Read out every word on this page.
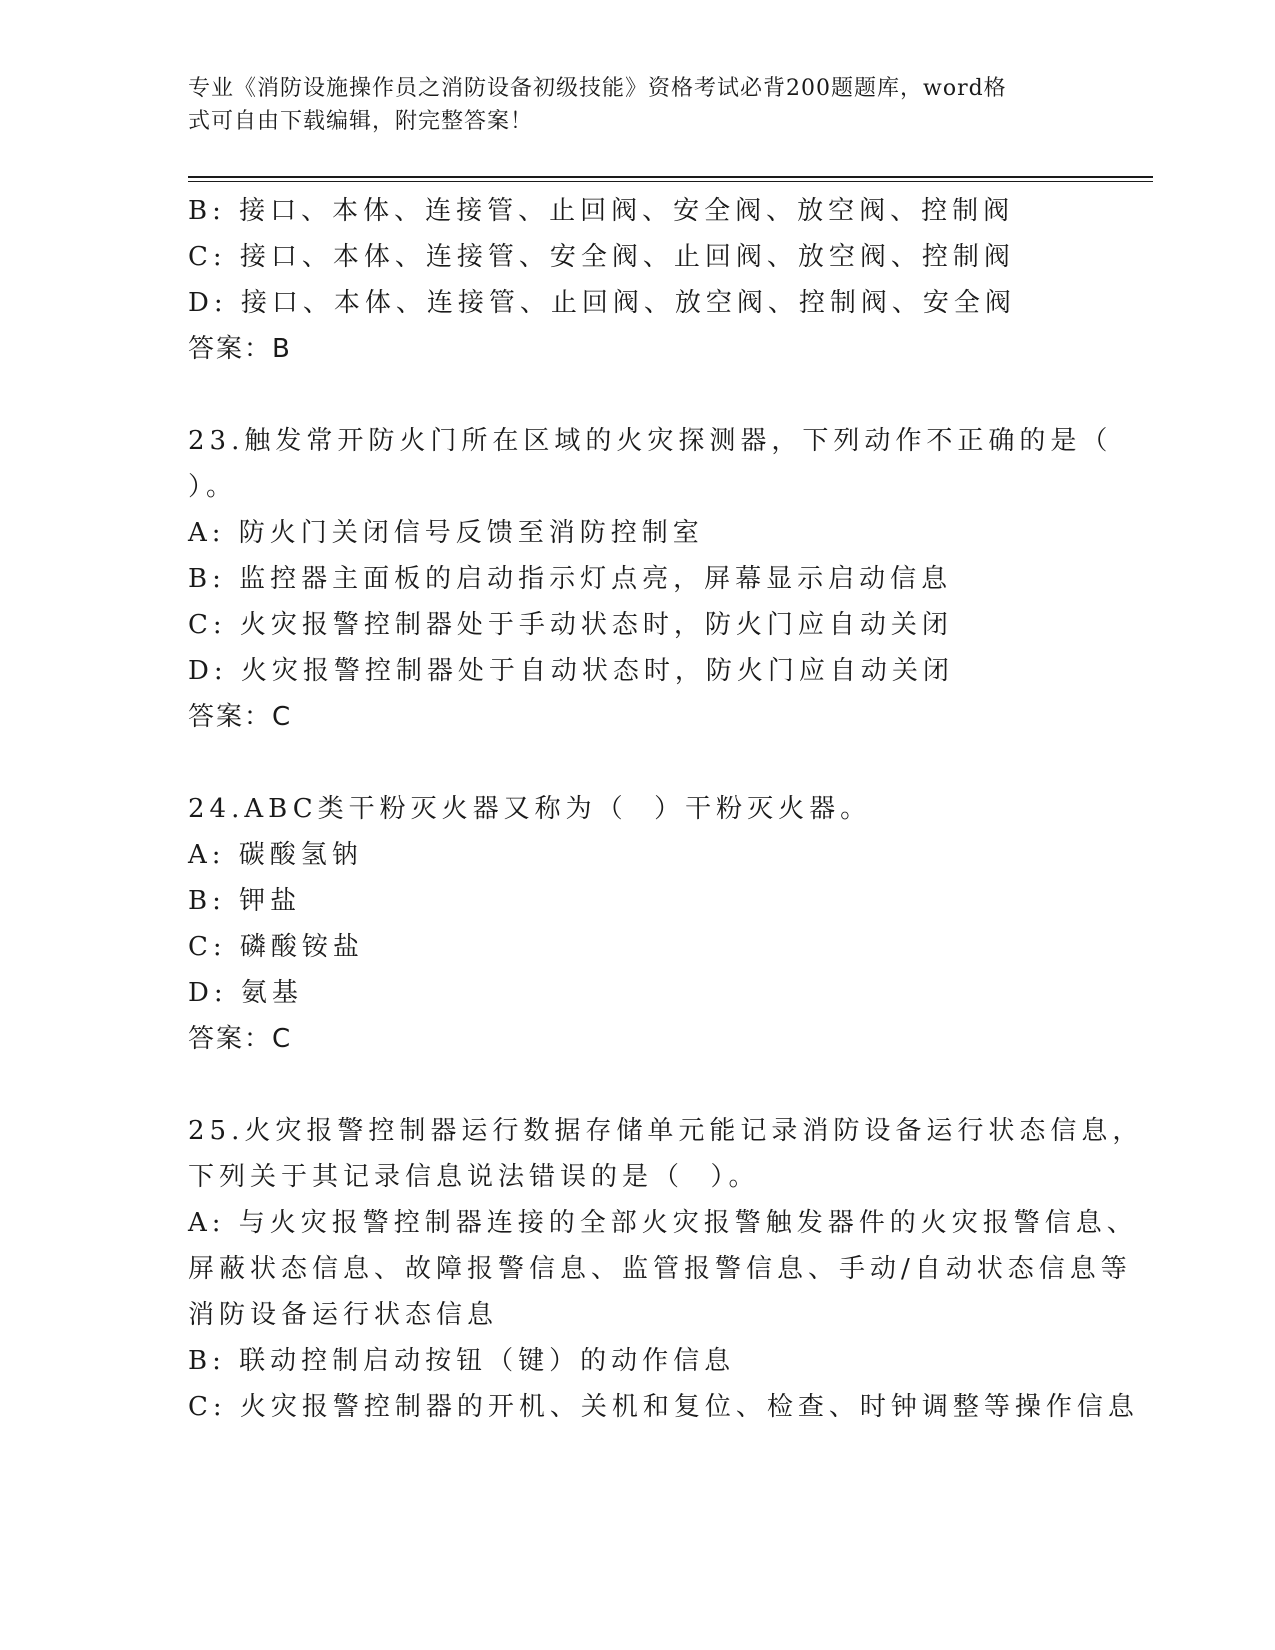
专业《消防设施操作员之消防设备初级技能》资格考试必背200题题库，word格
式可自由下载编辑，附完整答案！
B: 接口、本体、连接管、止回阀、安全阀、放空阀、控制阀
C: 接口、本体、连接管、安全阀、止回阀、放空阀、控制阀
D: 接口、本体、连接管、止回阀、放空阀、控制阀、安全阀
答案：B
23.触发常开防火门所在区域的火灾探测器，下列动作不正确的是（
）。
A: 防火门关闭信号反馈至消防控制室
B: 监控器主面板的启动指示灯点亮，屏幕显示启动信息
C: 火灾报警控制器处于手动状态时，防火门应自动关闭
D: 火灾报警控制器处于自动状态时，防火门应自动关闭
答案：C
24.ABC类干粉灭火器又称为（  ）干粉灭火器。
A: 碳酸氢钠
B: 钾盐
C: 磷酸铵盐
D: 氨基
答案：C
25.火灾报警控制器运行数据存储单元能记录消防设备运行状态信息，
下列关于其记录信息说法错误的是（  ）。
A: 与火灾报警控制器连接的全部火灾报警触发器件的火灾报警信息、
屏蔽状态信息、故障报警信息、监管报警信息、手动/自动状态信息等
消防设备运行状态信息
B: 联动控制启动按钮（键）的动作信息
C: 火灾报警控制器的开机、关机和复位、检查、时钟调整等操作信息
